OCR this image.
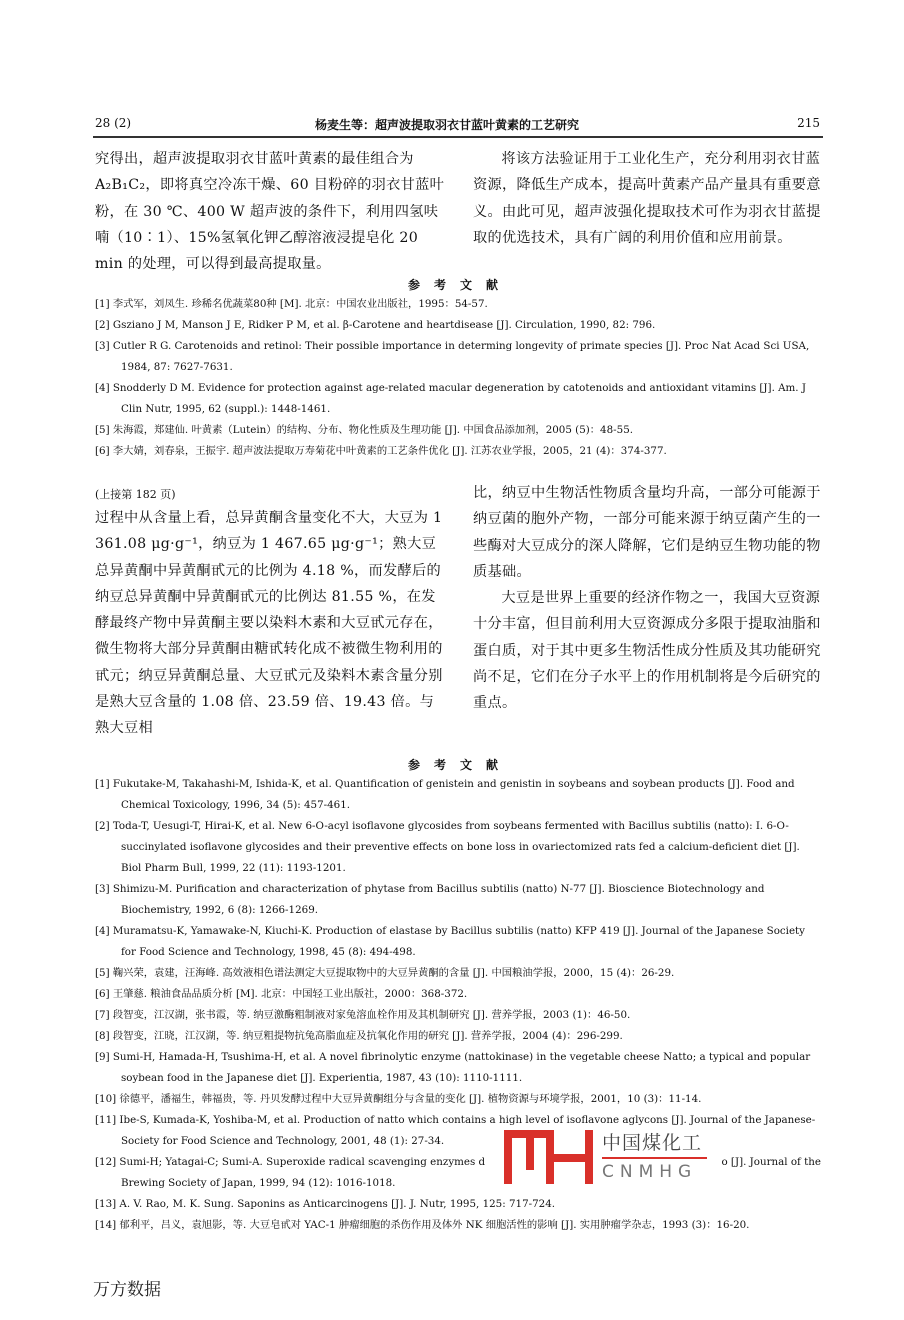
28 (2)	杨麦生等：超声波提取羽衣甘蓝叶黄素的工艺研究	215

究得出，超声波提取羽衣甘蓝叶黄素的最佳组合为 A₂B₁C₂，即将真空冷冻干燥、60 目粉碎的羽衣甘蓝叶粉，在 30 ℃、400 W 超声波的条件下，利用四氢呋喃（10∶1）、15%氢氧化钾乙醇溶液浸提皂化 20 min 的处理，可以得到最高提取量。

将该方法验证用于工业化生产，充分利用羽衣甘蓝资源，降低生产成本，提高叶黄素产品产量具有重要意义。由此可见，超声波强化提取技术可作为羽衣甘蓝提取的优选技术，具有广阔的利用价值和应用前景。

参考文献

[1] 李式军，刘凤生. 珍稀名优蔬菜80种 [M]. 北京：中国农业出版社，1995：54-57.

[2] Gsziano J M, Manson J E, Ridker P M, et al. β-Carotene and heartdisease [J]. Circulation, 1990, 82: 796.

[3] Cutler R G. Carotenoids and retinol: Their possible importance in determing longevity of primate species [J]. Proc Nat Acad Sci USA, 1984, 87: 7627-7631.

[4] Snodderly D M. Evidence for protection against age-related macular degeneration by catotenoids and antioxidant vitamins [J]. Am. J Clin Nutr, 1995, 62 (suppl.): 1448-1461.

[5] 朱海霞，郑建仙. 叶黄素（Lutein）的结构、分布、物化性质及生理功能 [J]. 中国食品添加剂，2005 (5)：48-55.

[6] 李大婧，刘春泉，王振宇. 超声波法提取万寿菊花中叶黄素的工艺条件优化 [J]. 江苏农业学报，2005，21 (4)：374-377.

(上接第 182 页)

过程中从含量上看，总异黄酮含量变化不大，大豆为 1 361.08 μg·g⁻¹，纳豆为 1 467.65 μg·g⁻¹；熟大豆总异黄酮中异黄酮甙元的比例为 4.18 %，而发酵后的纳豆总异黄酮中异黄酮甙元的比例达 81.55 %，在发酵最终产物中异黄酮主要以染料木素和大豆甙元存在，微生物将大部分异黄酮由糖甙转化成不被微生物利用的甙元；纳豆异黄酮总量、大豆甙元及染料木素含量分别是熟大豆含量的 1.08 倍、23.59 倍、19.43 倍。与熟大豆相

比，纳豆中生物活性物质含量均升高，一部分可能源于纳豆菌的胞外产物，一部分可能来源于纳豆菌产生的一些酶对大豆成分的深人降解，它们是纳豆生物功能的物质基础。

大豆是世界上重要的经济作物之一，我国大豆资源十分丰富，但目前利用大豆资源成分多限于提取油脂和蛋白质，对于其中更多生物活性成分性质及其功能研究尚不足，它们在分子水平上的作用机制将是今后研究的重点。

参考文献

[1] Fukutake-M, Takahashi-M, Ishida-K, et al. Quantification of genistein and genistin in soybeans and soybean products [J]. Food and Chemical Toxicology, 1996, 34 (5): 457-461.

[2] Toda-T, Uesugi-T, Hirai-K, et al. New 6-O-acyl isoflavone glycosides from soybeans fermented with Bacillus subtilis (natto): I. 6-O-succinylated isoflavone glycosides and their preventive effects on bone loss in ovariectomized rats fed a calcium-deficient diet [J]. Biol Pharm Bull, 1999, 22 (11): 1193-1201.

[3] Shimizu-M. Purification and characterization of phytase from Bacillus subtilis (natto) N-77 [J]. Bioscience Biotechnology and Biochemistry, 1992, 6 (8): 1266-1269.

[4] Muramatsu-K, Yamawake-N, Kiuchi-K. Production of elastase by Bacillus subtilis (natto) KFP 419 [J]. Journal of the Japanese Society for Food Science and Technology, 1998, 45 (8): 494-498.

[5] 鞠兴荣，袁建，汪海峰. 高效液相色谱法测定大豆提取物中的大豆异黄酮的含量 [J]. 中国粮油学报，2000，15 (4)：26-29.

[6] 王肇慈. 粮油食品品质分析 [M]. 北京：中国轻工业出版社，2000：368-372.

[7] 段智变，江汉湖，张书霞，等. 纳豆激酶粗制液对家兔溶血栓作用及其机制研究 [J]. 营养学报，2003 (1)：46-50.

[8] 段智变，江晓，江汉湖，等. 纳豆粗提物抗兔高脂血症及抗氧化作用的研究 [J]. 营养学报，2004 (4)：296-299.

[9] Sumi-H, Hamada-H, Tsushima-H, et al. A novel fibrinolytic enzyme (nattokinase) in the vegetable cheese Natto; a typical and popular soybean food in the Japanese diet [J]. Experientia, 1987, 43 (10): 1110-1111.

[10] 徐德平，潘福生，韩福贵，等. 丹贝发酵过程中大豆异黄酮组分与含量的变化 [J]. 植物资源与环境学报，2001，10 (3)：11-14.

[11] Ibe-S, Kumada-K, Yoshiba-M, et al. Production of natto which contains a high level of isoflavone aglycons [J]. Journal of the Japanese-Society for Food Science and Technology, 2001, 48 (1): 27-34.

[12] Sumi-H; Yatagai-C; Sumi-A. Superoxide radical scavenging enzymes d	o [J]. Journal of the

Brewing Society of Japan, 1999, 94 (12): 1016-1018.

[13] A. V. Rao, M. K. Sung. Saponins as Anticarcinogens [J]. J. Nutr, 1995, 125: 717-724.

[14] 郁利平，吕义，袁旭影，等. 大豆皂甙对 YAC-1 肿瘤细胞的杀伤作用及体外 NK 细胞活性的影响 [J]. 实用肿瘤学杂志，1993 (3)：16-20.

中国煤化工
CNMHG
万方数据
